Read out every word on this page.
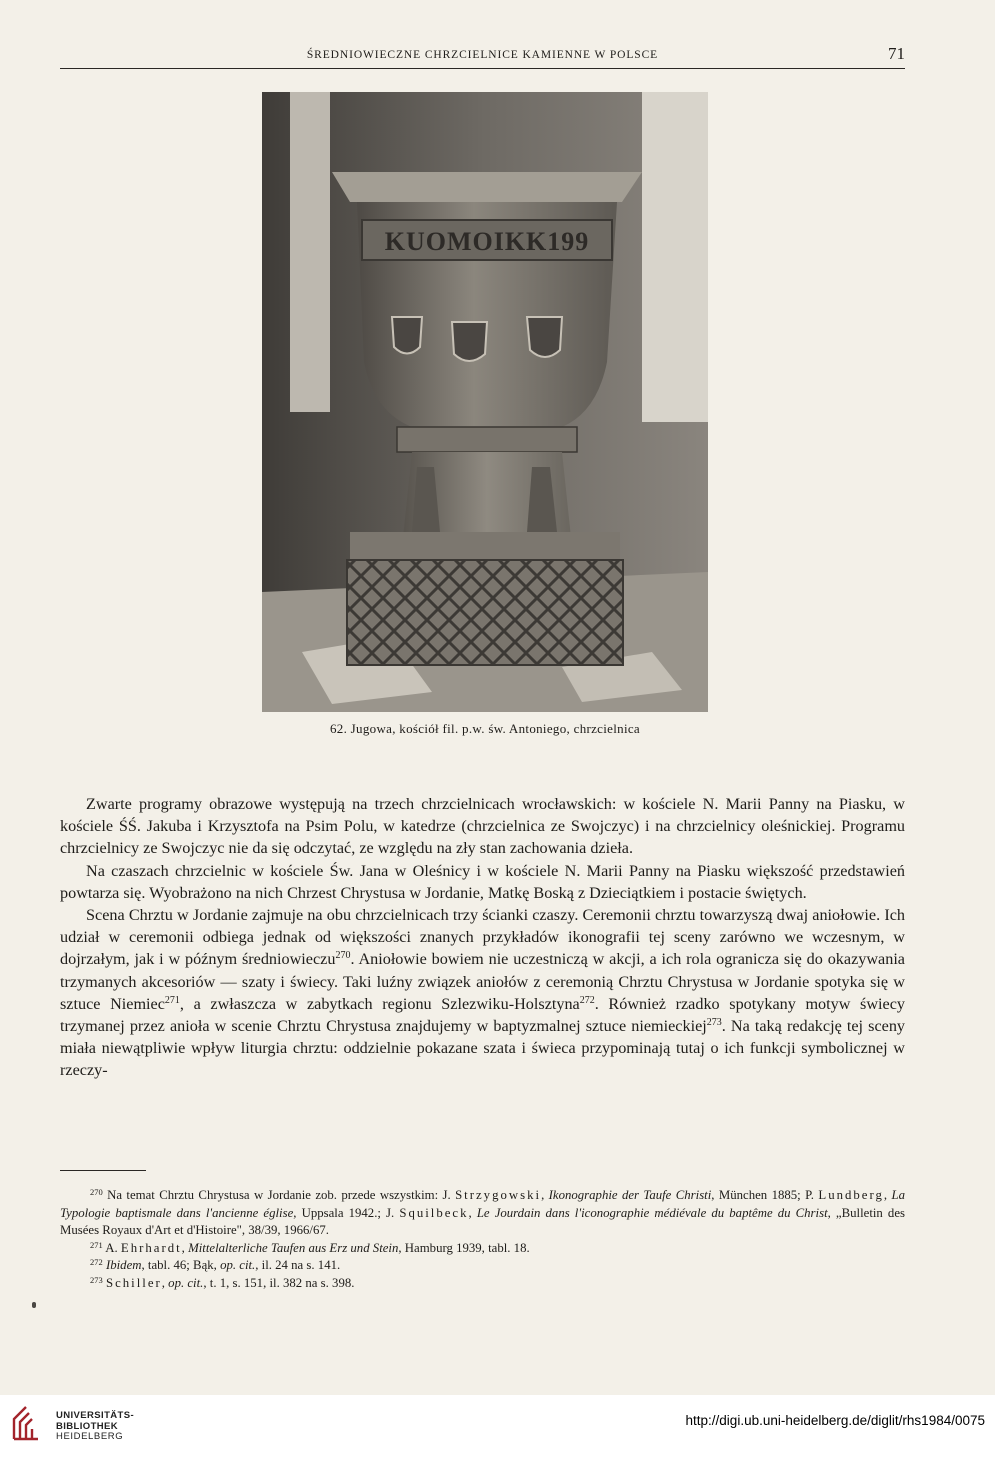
ŚREDNIOWIECZNE CHRZCIELNICE KAMIENNE W POLSCE	71
KUOMOIKK199
62. Jugowa, kościół fil. p.w. św. Antoniego, chrzcielnica

Zwarte programy obrazowe występują na trzech chrzcielnicach wrocławskich: w kościele N. Marii Panny na Piasku, w kościele ŚŚ. Jakuba i Krzysztofa na Psim Polu, w katedrze (chrzcielnica ze Swojczyc) i na chrzcielnicy oleśnickiej. Programu chrzcielnicy ze Swojczyc nie da się odczytać, ze względu na zły stan zachowania dzieła.

Na czaszach chrzcielnic w kościele Św. Jana w Oleśnicy i w kościele N. Marii Panny na Piasku większość przedstawień powtarza się. Wyobrażono na nich Chrzest Chrystusa w Jordanie, Matkę Boską z Dzieciątkiem i postacie świętych.

Scena Chrztu w Jordanie zajmuje na obu chrzcielnicach trzy ścianki czaszy. Ceremonii chrztu towarzyszą dwaj aniołowie. Ich udział w ceremonii odbiega jednak od większości znanych przykładów ikonografii tej sceny zarówno we wczesnym, w dojrzałym, jak i w późnym średniowieczu$^{270}$. Aniołowie bowiem nie uczestniczą w akcji, a ich rola ogranicza się do okazywania trzymanych akcesoriów — szaty i świecy. Taki luźny związek aniołów z ceremonią Chrztu Chrystusa w Jordanie spotyka się w sztuce Niemiec$^{271}$, a zwłaszcza w zabytkach regionu Szlezwiku-Holsztyna$^{272}$. Również rzadko spotykany motyw świecy trzymanej przez anioła w scenie Chrztu Chrystusa znajdujemy w baptyzmalnej sztuce niemieckiej$^{273}$. Na taką redakcję tej sceny miała niewątpliwie wpływ liturgia chrztu: oddzielnie pokazane szata i świeca przypominają tutaj o ich funkcji symbolicznej w rzeczy-

$^{270}$ Na temat Chrztu Chrystusa w Jordanie zob. przede wszystkim: J. Strzygowski, Ikonographie der Taufe Christi, München 1885; P. Lundberg, La Typologie baptismale dans l'ancienne église, Uppsala 1942.; J. Squilbeck, Le Jourdain dans l'iconographie médiévale du baptême du Christ, „Bulletin des Musées Royaux d'Art et d'Histoire", 38/39, 1966/67.

$^{271}$ A. Ehrhardt, Mittelalterliche Taufen aus Erz und Stein, Hamburg 1939, tabl. 18.

$^{272}$ Ibidem, tabl. 46; Bąk, op. cit., il. 24 na s. 141.

$^{273}$ Schiller, op. cit., t. 1, s. 151, il. 382 na s. 398.

UNIVERSITÄTS-
BIBLIOTHEK
HEIDELBERG
http://digi.ub.uni-heidelberg.de/diglit/rhs1984/0075
